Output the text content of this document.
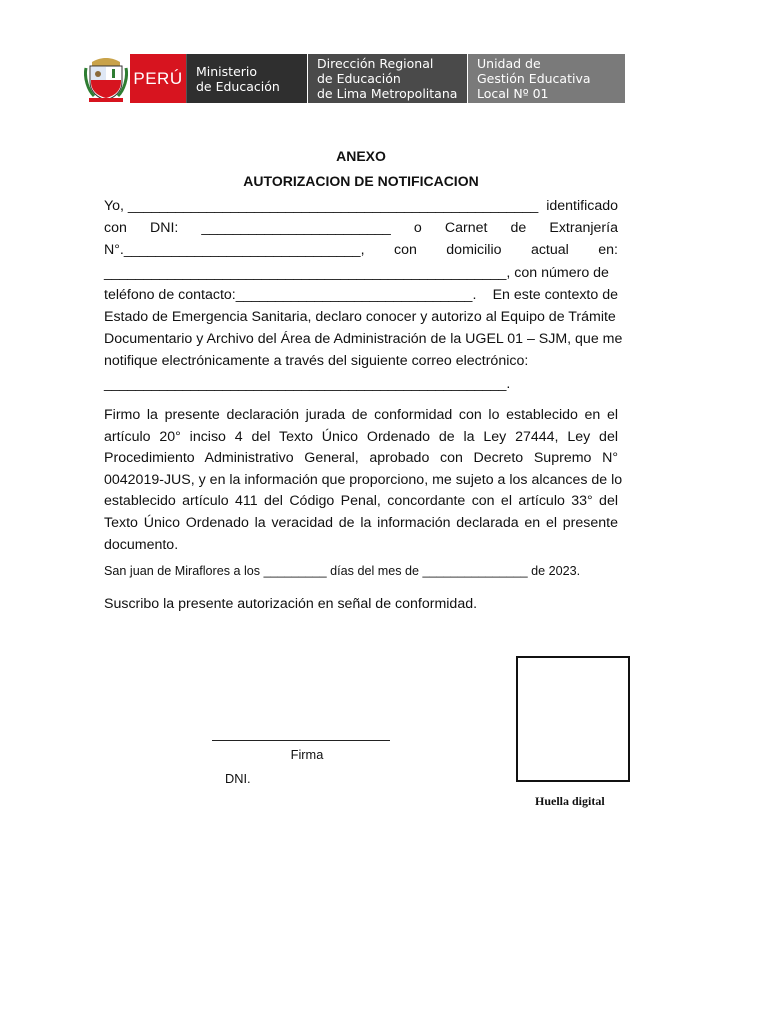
PERÚ Ministerio
de Educación
Dirección Regional
de Educación
de Lima Metropolitana
Unidad de
Gestión Educativa
Local Nº 01
ANEXO
AUTORIZACION DE NOTIFICACION
Yo, ____________________________________________________ identificado
con DNI: ________________________ o Carnet de Extranjería
N°.______________________________, con domicilio actual en:
___________________________________________________, con número de
teléfono de contacto:______________________________. En este contexto de
Estado de Emergencia Sanitaria, declaro conocer y autorizo al Equipo de Trámite
Documentario y Archivo del Área de Administración de la UGEL 01 – SJM, que me
notifique electrónicamente a través del siguiente correo electrónico:
___________________________________________________.
Firmo la presente declaración jurada de conformidad con lo establecido en el
artículo 20° inciso 4 del Texto Único Ordenado de la Ley 27444, Ley del
Procedimiento Administrativo General, aprobado con Decreto Supremo N°
0042019-JUS, y en la información que proporciono, me sujeto a los alcances de lo
establecido artículo 411 del Código Penal, concordante con el artículo 33° del
Texto Único Ordenado la veracidad de la información declarada en el presente
documento.
San juan de Miraflores a los _________ días del mes de _______________ de 2023.
Suscribo la presente autorización en señal de conformidad.
Firma
DNI.
Huella digital
